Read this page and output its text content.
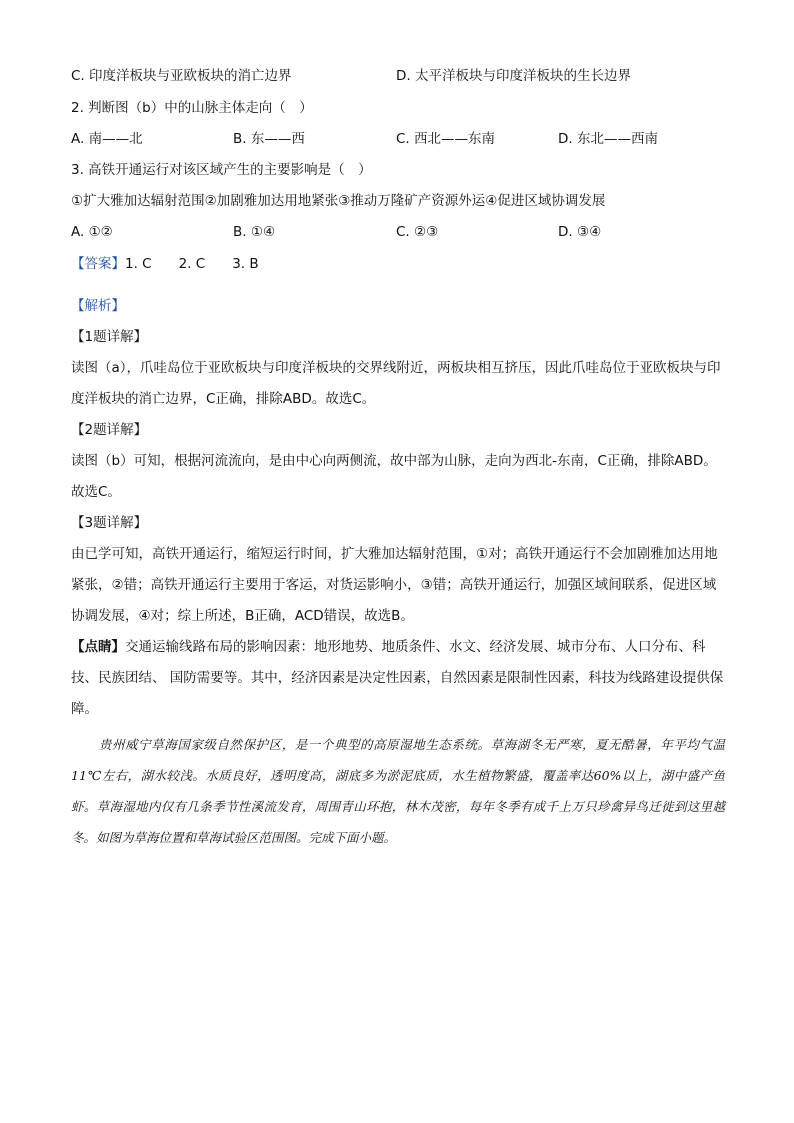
C. 印度洋板块与亚欧板块的消亡边界	D. 太平洋板块与印度洋板块的生长边界
2. 判断图（b）中的山脉主体走向（　）
A. 南——北	B. 东——西	C. 西北——东南	D. 东北——西南
3. 高铁开通运行对该区域产生的主要影响是（　）
①扩大雅加达辐射范围②加剧雅加达用地紧张③推动万隆矿产资源外运④促进区域协调发展
A. ①②	B. ①④	C. ②③	D. ③④
【答案】1. C　　2. C　　3. B
【解析】
【1题详解】
读图（a），爪哇岛位于亚欧板块与印度洋板块的交界线附近，两板块相互挤压，因此爪哇岛位于亚欧板块与印度洋板块的消亡边界，C正确，排除ABD。故选C。
【2题详解】
读图（b）可知，根据河流流向，是由中心向两侧流，故中部为山脉，走向为西北-东南，C正确，排除ABD。故选C。
【3题详解】
由已学可知，高铁开通运行，缩短运行时间，扩大雅加达辐射范围，①对；高铁开通运行不会加剧雅加达用地紧张，②错；高铁开通运行主要用于客运，对货运影响小，③错；高铁开通运行，加强区域间联系，促进区域协调发展，④对；综上所述，B正确，ACD错误，故选B。
【点睛】交通运输线路布局的影响因素：地形地势、地质条件、水文、经济发展、城市分布、人口分布、科技、民族团结、 国防需要等。其中，经济因素是决定性因素，自然因素是限制性因素，科技为线路建设提供保障。
贵州威宁草海国家级自然保护区，是一个典型的高原湿地生态系统。草海湖冬无严寒，夏无酷暑，年平均气温11℃左右，湖水较浅。水质良好，透明度高，湖底多为淤泥底质，水生植物繁盛，覆盖率达60%以上，湖中盛产鱼虾。草海湿地内仅有几条季节性溪流发育，周围青山环抱，林木茂密，每年冬季有成千上万只珍禽异鸟迁徙到这里越冬。如图为草海位置和草海试验区范围图。完成下面小题。
